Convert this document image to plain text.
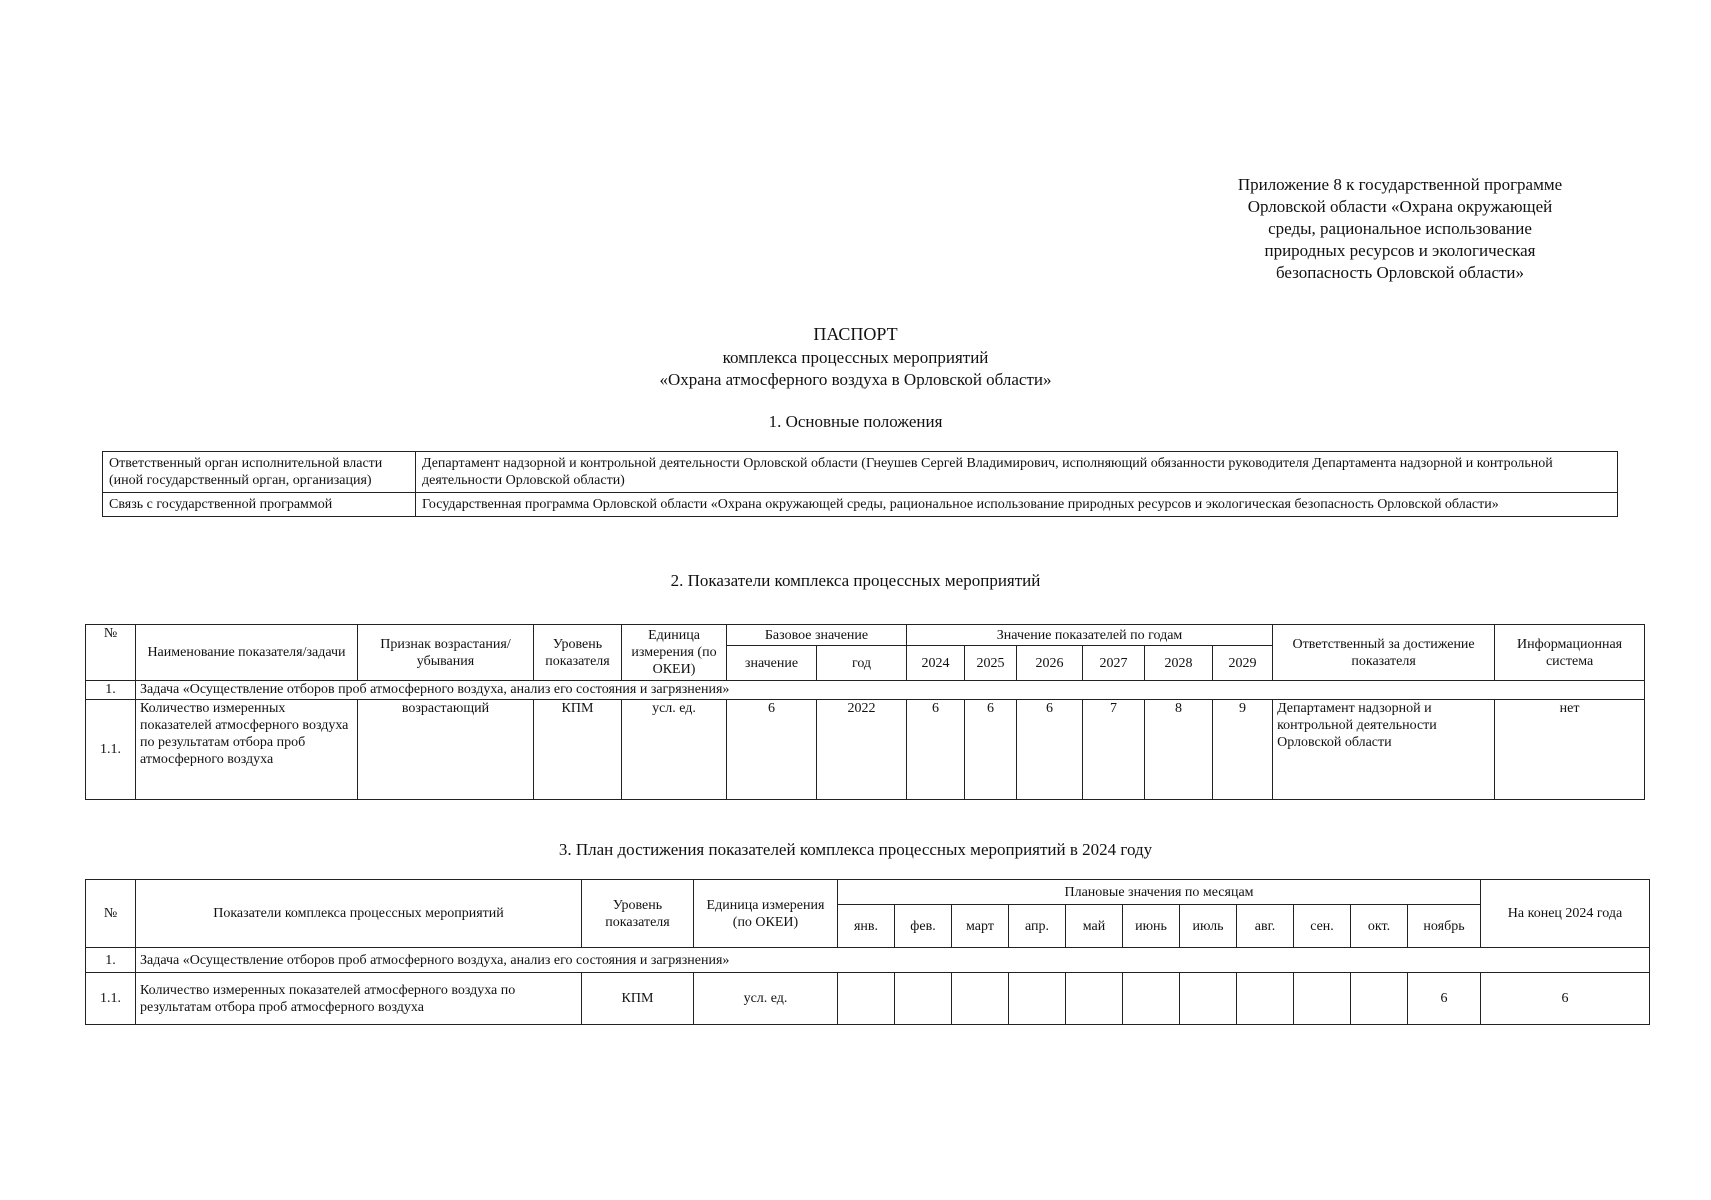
Приложение 8 к государственной программе
Орловской области «Охрана окружающей
среды, рациональное использование
природных ресурсов и экологическая
безопасность Орловской области»
ПАСПОРТ
комплекса процессных мероприятий
«Охрана атмосферного воздуха в Орловской области»
1. Основные положения
Ответственный орган исполнительной власти (иной государственный орган, организация)	Департамент надзорной и контрольной деятельности Орловской области (Гнеушев Сергей Владимирович, исполняющий обязанности руководителя Департамента надзорной и контрольной деятельности Орловской области)
Связь с государственной программой	Государственная программа Орловской области «Охрана окружающей среды, рациональное использование природных ресурсов и экологическая безопасность Орловской области»
2. Показатели комплекса процессных мероприятий
№	Наименование показателя/задачи	Признак возрастания/убывания	Уровень показателя	Единица измерения (по ОКЕИ)	Базовое значение		Значение показателей по годам						Ответственный за достижение показателя	Информационная система
					значение	год	2024	2025	2026	2027	2028	2029		
1.	Задача «Осуществление отборов проб атмосферного воздуха, анализ его состояния и загрязнения»													
1.1.	Количество измеренных показателей атмосферного воздуха по результатам отбора проб атмосферного воздуха	возрастающий	КПМ	усл. ед.	6	2022	6	6	6	7	8	9	Департамент надзорной и контрольной деятельности Орловской области	нет
3. План достижения показателей комплекса процессных мероприятий в 2024 году
№	Показатели комплекса процессных мероприятий	Уровень показателя	Единица измерения (по ОКЕИ)	Плановые значения по месяцам											На конец 2024 года
				янв.	фев.	март	апр.	май	июнь	июль	авг.	сен.	окт.	ноябрь	
1.	Задача «Осуществление отборов проб атмосферного воздуха, анализ его состояния и загрязнения»														
1.1.	Количество измеренных показателей атмосферного воздуха по результатам отбора проб атмосферного воздуха	КПМ	усл. ед.											6	6
